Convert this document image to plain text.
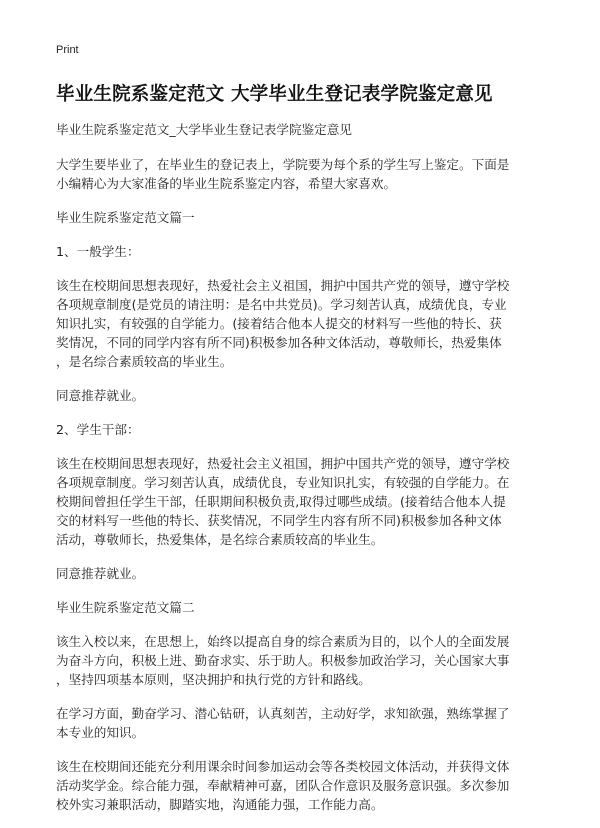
Print
毕业生院系鉴定范文 大学毕业生登记表学院鉴定意见

毕业生院系鉴定范文_大学毕业生登记表学院鉴定意见

大学生要毕业了，在毕业生的登记表上，学院要为每个系的学生写上鉴定。下面是
小编精心为大家准备的毕业生院系鉴定内容，希望大家喜欢。

毕业生院系鉴定范文篇一

1、一般学生：

该生在校期间思想表现好，热爱社会主义祖国，拥护中国共产党的领导，遵守学校
各项规章制度(是党员的请注明：是名中共党员)。学习刻苦认真，成绩优良，专业
知识扎实，有较强的自学能力。(接着结合他本人提交的材料写一些他的特长、获
奖情况，不同的同学内容有所不同)积极参加各种文体活动，尊敬师长，热爱集体
，是名综合素质较高的毕业生。

同意推荐就业。

2、学生干部：

该生在校期间思想表现好，热爱社会主义祖国，拥护中国共产党的领导，遵守学校
各项规章制度。学习刻苦认真，成绩优良，专业知识扎实，有较强的自学能力。在
校期间曾担任学生干部，任职期间积极负责,取得过哪些成绩。(接着结合他本人提
交的材料写一些他的特长、获奖情况，不同学生内容有所不同)积极参加各种文体
活动，尊敬师长，热爱集体，是名综合素质较高的毕业生。

同意推荐就业。

毕业生院系鉴定范文篇二

该生入校以来，在思想上，始终以提高自身的综合素质为目的，以个人的全面发展
为奋斗方向，积极上进、勤奋求实、乐于助人。积极参加政治学习，关心国家大事
，坚持四项基本原则，坚决拥护和执行党的方针和路线。

在学习方面，勤奋学习、潜心钻研，认真刻苦，主动好学，求知欲强，熟练掌握了
本专业的知识。

该生在校期间还能充分利用课余时间参加运动会等各类校园文体活动，并获得文体
活动奖学金。综合能力强，奉献精神可嘉，团队合作意识及服务意识强。多次参加
校外实习兼职活动，脚踏实地，沟通能力强，工作能力高。
